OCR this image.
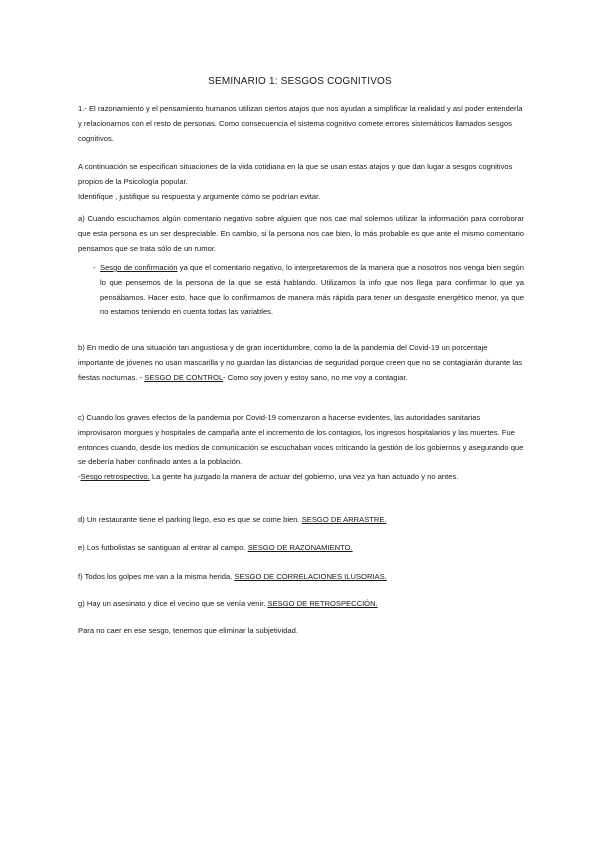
SEMINARIO 1: SESGOS COGNITIVOS

1.- El razonamiento y el pensamiento humanos utilizan ciertos atajos que nos ayudan a simplificar la realidad y así poder entenderla y relacionarnos con el resto de personas. Como consecuencia el sistema cognitivo comete errores sistemáticos llamados sesgos cognitivos.

A continuación se especifican situaciones de la vida cotidiana en la que se usan estas atajos y que dan lugar a sesgos cognitivos propios de la Psicología popular.
Identifique , justifique su respuesta y argumente cómo se podrían evitar.

a) Cuando escuchamos algún comentario negativo sobre alguien que nos cae mal solemos utilizar la información para corroborar que esta persona es un ser despreciable. En cambio, si la persona nos cae bien, lo más probable es que ante el mismo comentario pensamos que se trata sólo de un rumor.

- Sesgo de confirmación ya que el comentario negativo, lo interpretaremos de la manera que a nosotros nos venga bien según lo que pensemos de la persona de la que se está hablando. Utilizamos la info que nos llega para confirmar lo que ya pensábamos. Hacer esto, hace que lo confirmamos de manera más rápida para tener un desgaste energético menor, ya que no estamos teniendo en cuenta todas las variables.

b) En medio de una situación tan angustiosa y de gran incertidumbre, como la de la pandemia del Covid-19 un porcentaje importante de jóvenes no usan mascarilla y no guardan las distancias de seguridad porque creen que no se contagiarán durante las fiestas nocturnas. - SESGO DE CONTROL- Como soy joven y estoy sano, no me voy a contagiar.

c) Cuando los graves efectos de la pandemia por Covid-19 comenzaron a hacerse evidentes, las autoridades sanitarias improvisaron morgues y hospitales de campaña ante el incremento de los contagios, los ingresos hospitalarios y las muertes. Fue entonces cuando, desde los medios de comunicación se escuchaban voces criticando la gestión de los gobiernos y asegurando que se debería haber confinado antes a la población.
-Sesgo retrospectivo. La gente ha juzgado la manera de actuar del gobierno, una vez ya han actuado y no antes.

d) Un restaurante tiene el parking llego, eso es que se come bien. SESGO DE ARRASTRE.

e) Los futbolistas se santiguan al entrar al campo. SESGO DE RAZONAMIENTO.

f) Todos los golpes me van a la misma herida. SESGO DE CORRELACIONES ILUSORIAS.

g) Hay un asesinato y dice el vecino que se venía venir. SESGO DE RETROSPECCIÓN.

Para no caer en ese sesgo, tenemos que eliminar la subjetividad.
